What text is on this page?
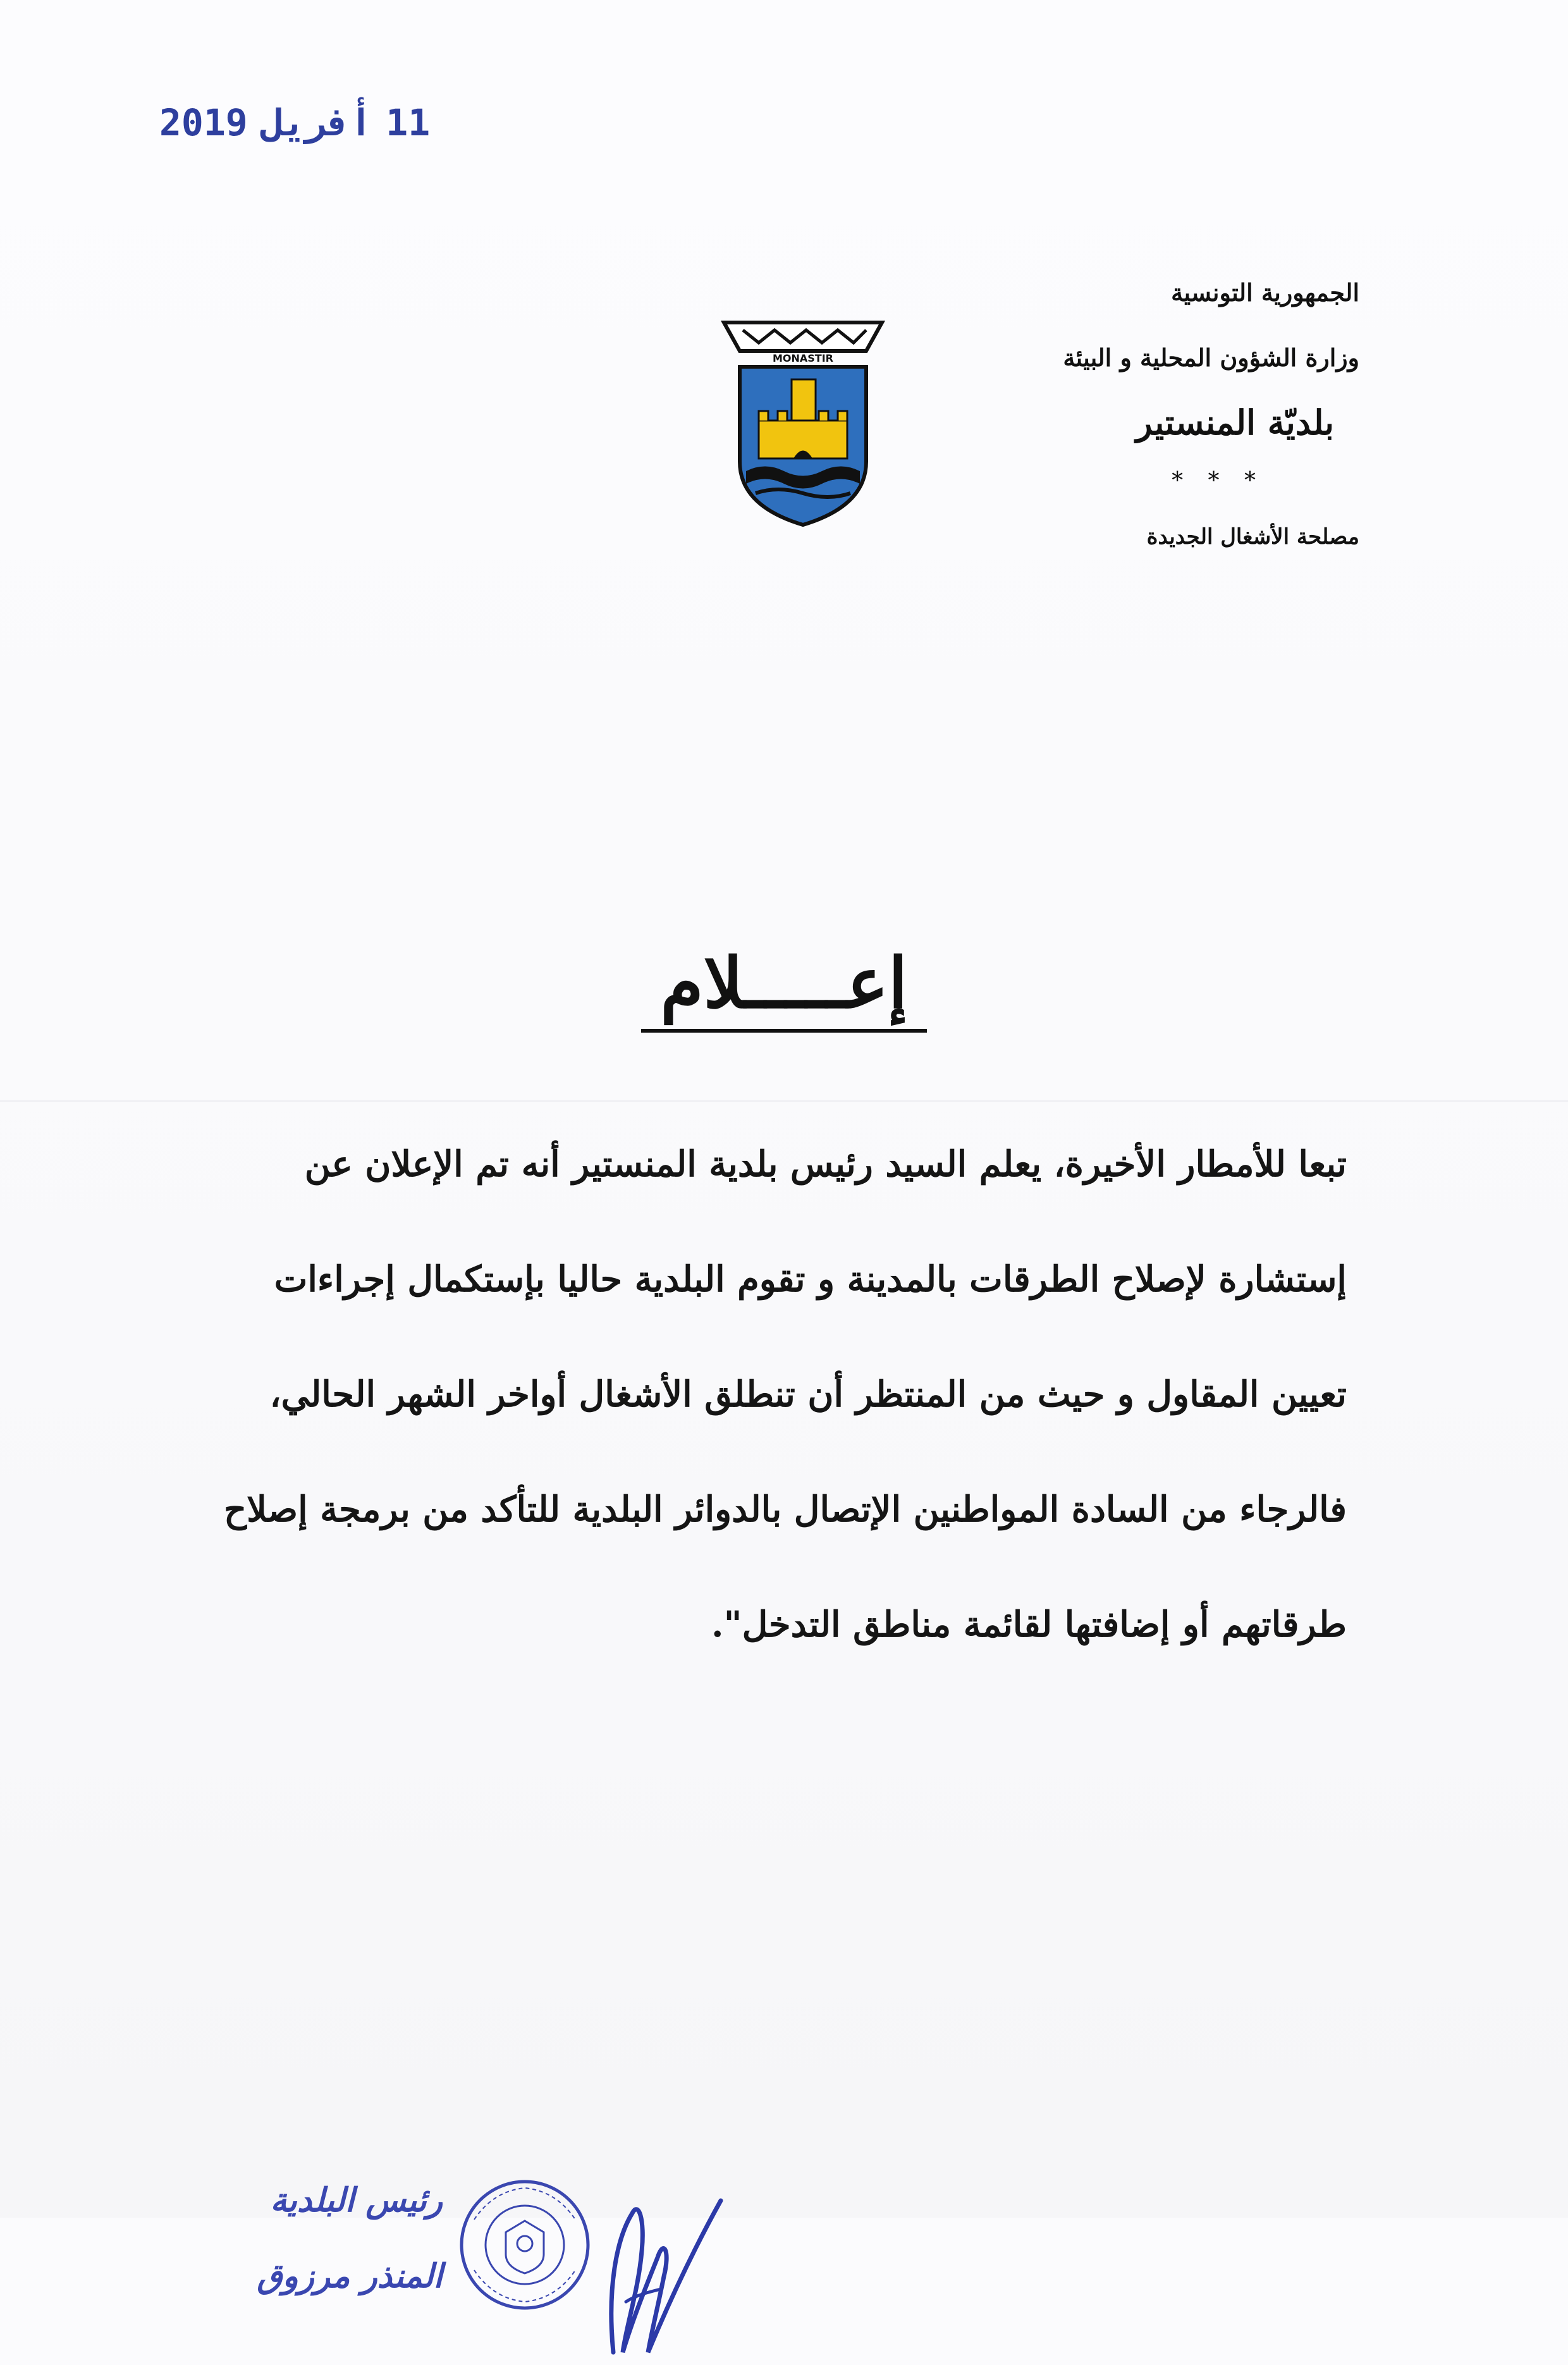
11أفريل2019
الجمهورية التونسية
وزارة الشؤون المحلية و البيئة
بلديّة المنستير
* * *
مصلحة الأشغال الجديدة
MONASTIR
إعـــــلام

تبعا للأمطار الأخيرة، يعلم السيد رئيس بلدية المنستير أنه تم الإعلان عن

إستشارة لإصلاح الطرقات بالمدينة و تقوم البلدية حاليا بإستكمال إجراءات

تعيين المقاول و حيث من المنتظر أن تنطلق الأشغال أواخر الشهر الحالي،

فالرجاء من السادة المواطنين الإتصال بالدوائر البلدية للتأكد من برمجة إصلاح

طرقاتهم أو إضافتها لقائمة مناطق التدخل".

رئيس البلدية
المنذر مرزوق
